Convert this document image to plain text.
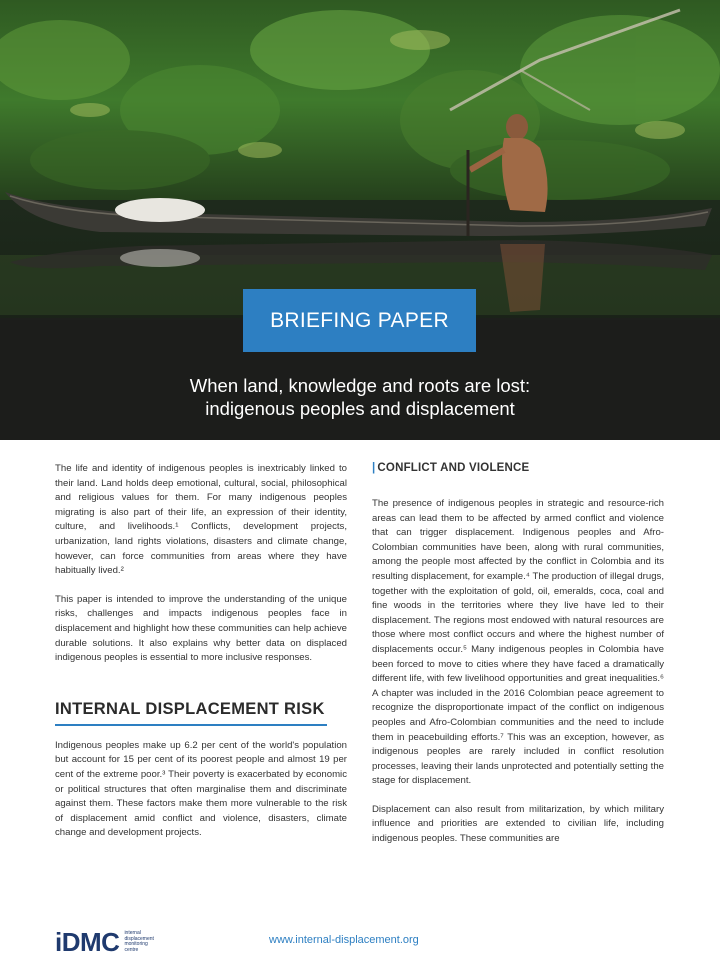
BRIEFING PAPER
When land, knowledge and roots are lost:
indigenous peoples and displacement

The life and identity of indigenous peoples is inextricably linked to their land. Land holds deep emotional, cultural, social, philosophical and religious values for them. For many indigenous peoples migrating is also part of their life, an expression of their identity, culture, and livelihoods.¹ Conflicts, development projects, urbanization, land rights violations, disasters and climate change, however, can force communities from areas where they have habitually lived.²

This paper is intended to improve the understanding of the unique risks, challenges and impacts indigenous peoples face in displacement and highlight how these communities can help achieve durable solutions. It also explains why better data on displaced indigenous peoples is essential to more inclusive responses.

INTERNAL DISPLACEMENT RISK

Indigenous peoples make up 6.2 per cent of the world's population but account for 15 per cent of its poorest people and almost 19 per cent of the extreme poor.³ Their poverty is exacerbated by economic or political structures that often marginalise them and discriminate against them. These factors make them more vulnerable to the risk of displacement amid conflict and violence, disasters, climate change and development projects.

| CONFLICT AND VIOLENCE

The presence of indigenous peoples in strategic and resource-rich areas can lead them to be affected by armed conflict and violence that can trigger displacement. Indigenous peoples and Afro-Colombian communities have been, along with rural communities, among the people most affected by the conflict in Colombia and its resulting displacement, for example.⁴ The production of illegal drugs, together with the exploitation of gold, oil, emeralds, coca, coal and fine woods in the territories where they live have led to their displacement. The regions most endowed with natural resources are those where most conflict occurs and where the highest number of displacements occur.⁵ Many indigenous peoples in Colombia have been forced to move to cities where they have faced a dramatically different life, with few livelihood opportunities and great inequalities.⁶ A chapter was included in the 2016 Colombian peace agreement to recognize the disproportionate impact of the conflict on indigenous peoples and Afro-Colombian communities and the need to include them in peacebuilding efforts.⁷ This was an exception, however, as indigenous peoples are rarely included in conflict resolution processes, leaving their lands unprotected and potentially setting the stage for displacement.

Displacement can also result from militarization, by which military influence and priorities are extended to civilian life, including indigenous peoples. These communities are

iDMC internal
displacement
monitoring
centre
www.internal-displacement.org
